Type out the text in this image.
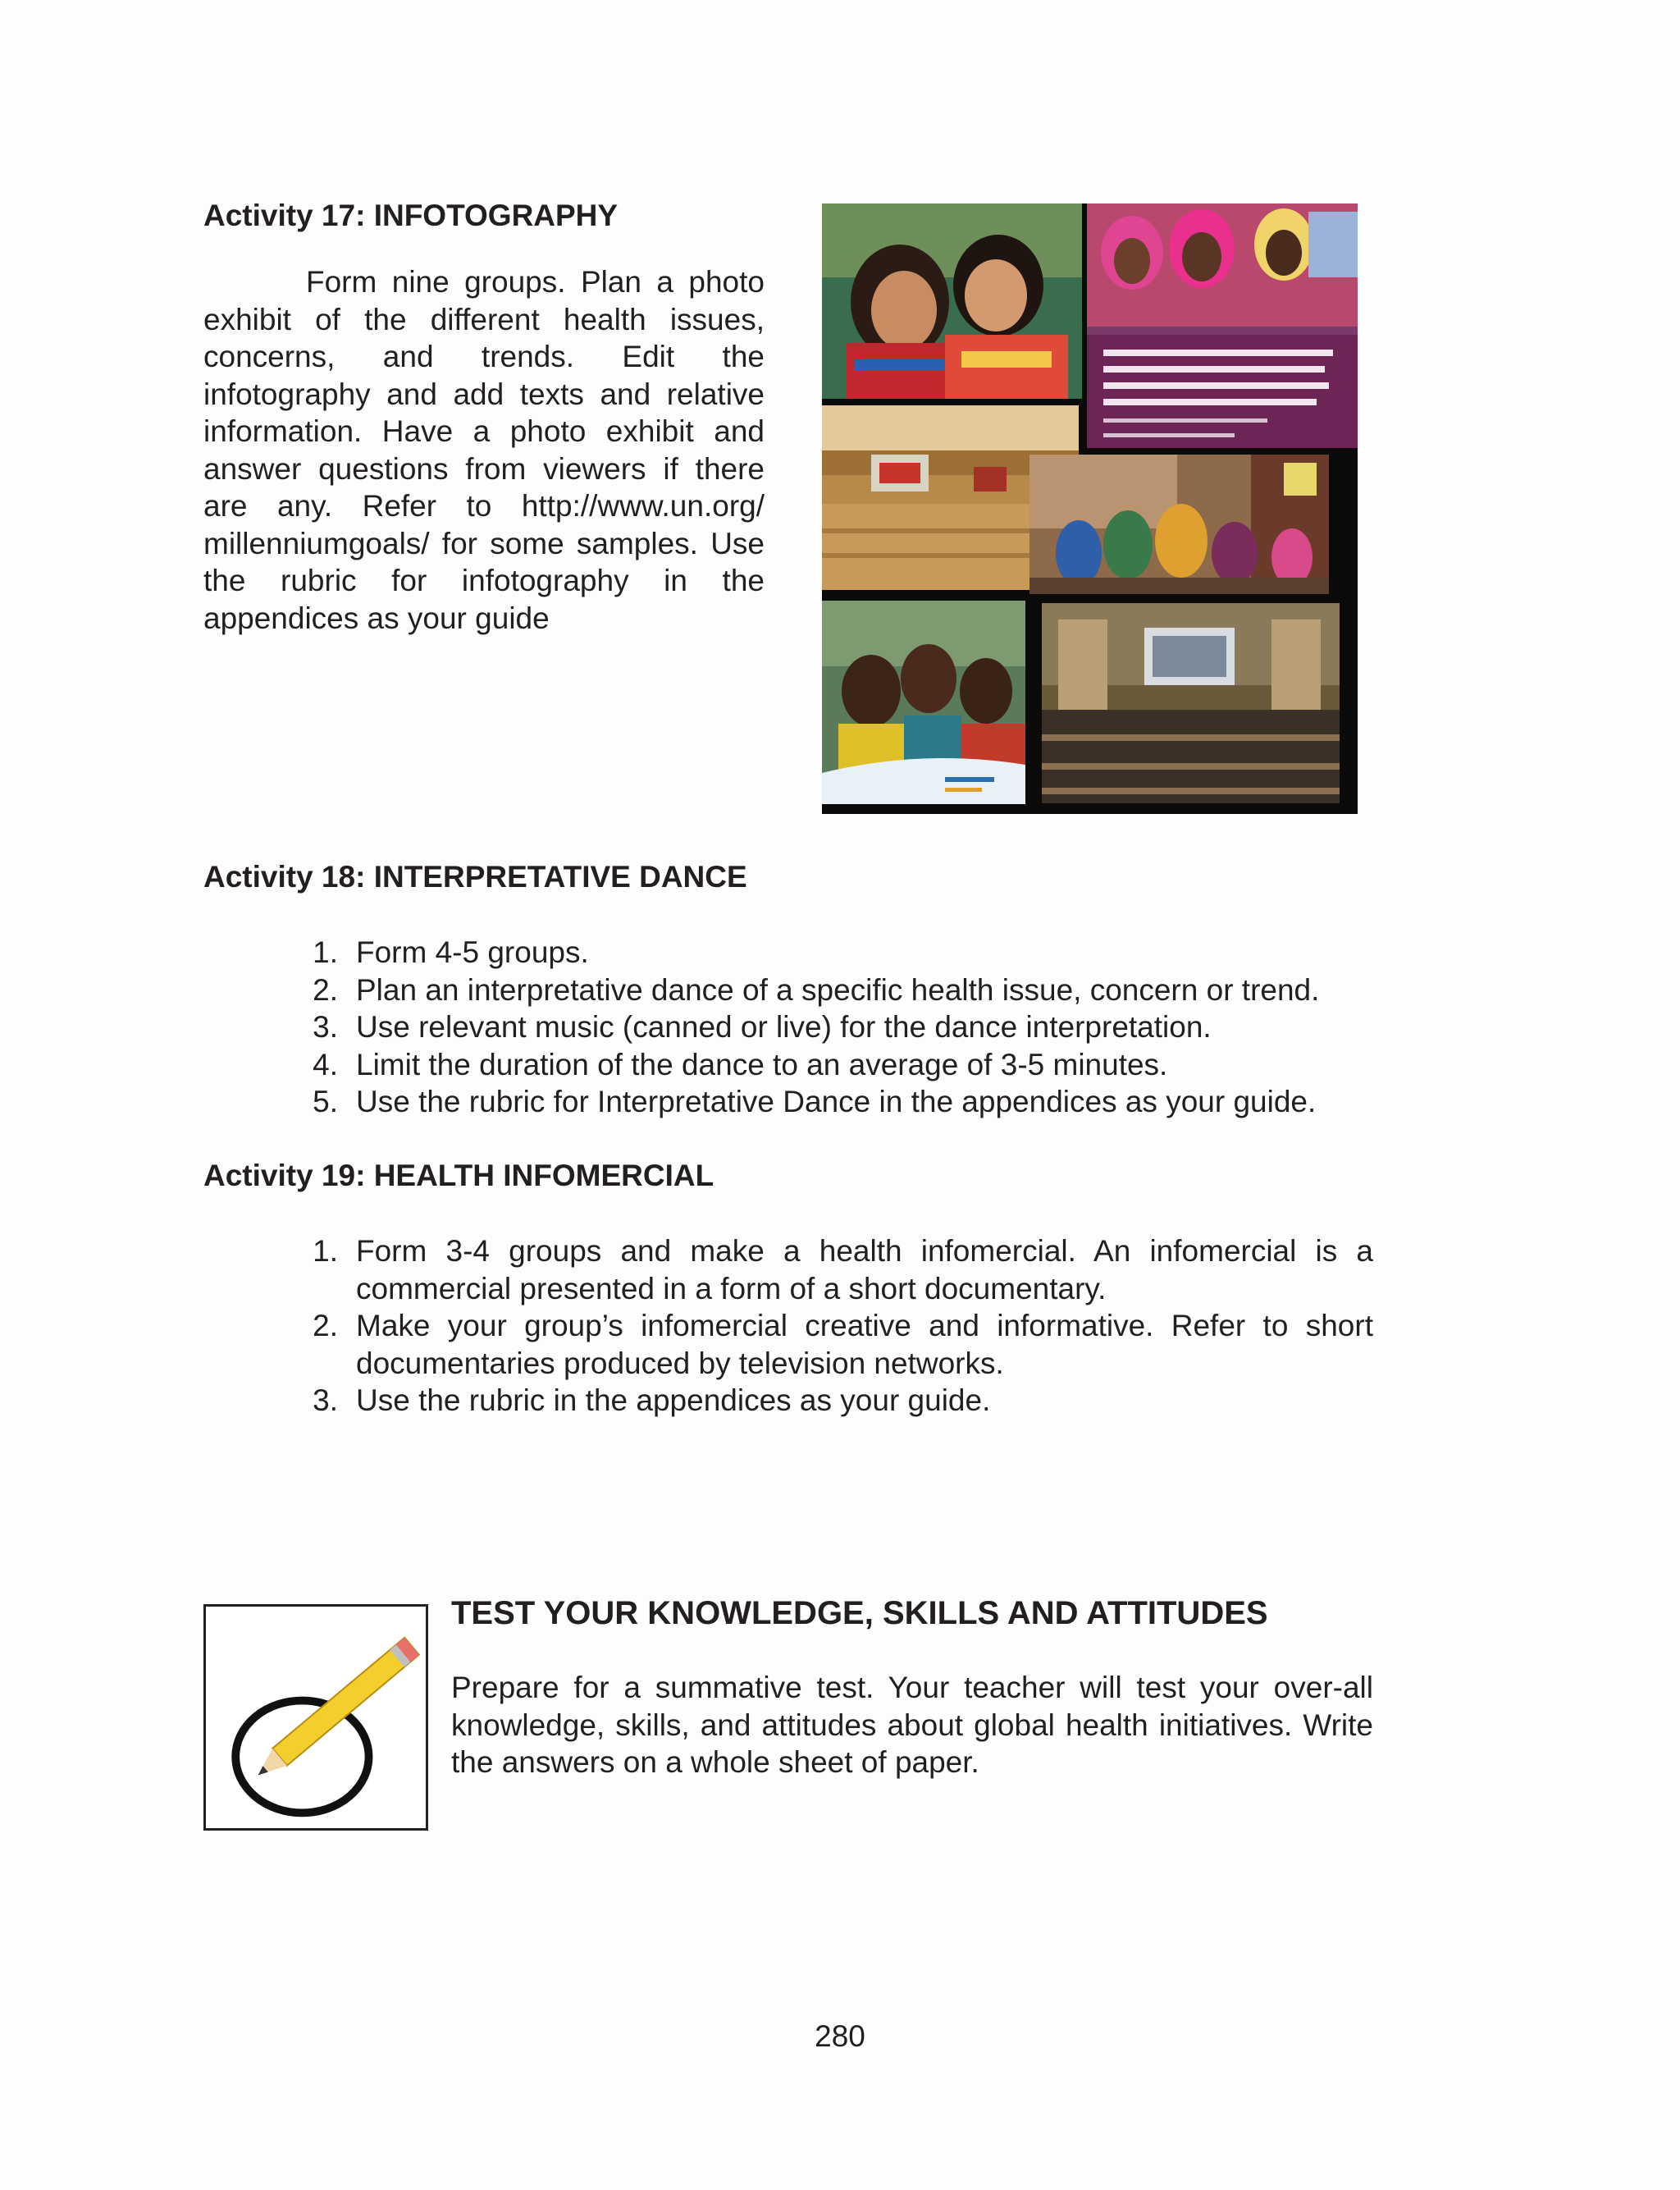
Activity 17: INFOTOGRAPHY

Form nine groups. Plan a photo exhibit of the different health issues, concerns, and trends. Edit the infotography and add texts and relative information. Have a photo exhibit and answer questions from viewers if there are any. Refer to http://www.un.org/ millenniumgoals/ for some samples. Use the rubric for infotography in the appendices as your guide

Activity 18: INTERPRETATIVE DANCE
1. Form 4-5 groups.
2. Plan an interpretative dance of a specific health issue, concern or trend.
3. Use relevant music (canned or live) for the dance interpretation.
4. Limit the duration of the dance to an average of 3-5 minutes.
5. Use the rubric for Interpretative Dance in the appendices as your guide.
Activity 19: HEALTH INFOMERCIAL
1. Form 3-4 groups and make a health infomercial. An infomercial is a commercial presented in a form of a short documentary.
2. Make your group’s infomercial creative and informative. Refer to short documentaries produced by television networks.
3. Use the rubric in the appendices as your guide.
TEST YOUR KNOWLEDGE, SKILLS AND ATTITUDES

Prepare for a summative test. Your teacher will test your over-all knowledge, skills, and attitudes about global health initiatives. Write the answers on a whole sheet of paper.

280
